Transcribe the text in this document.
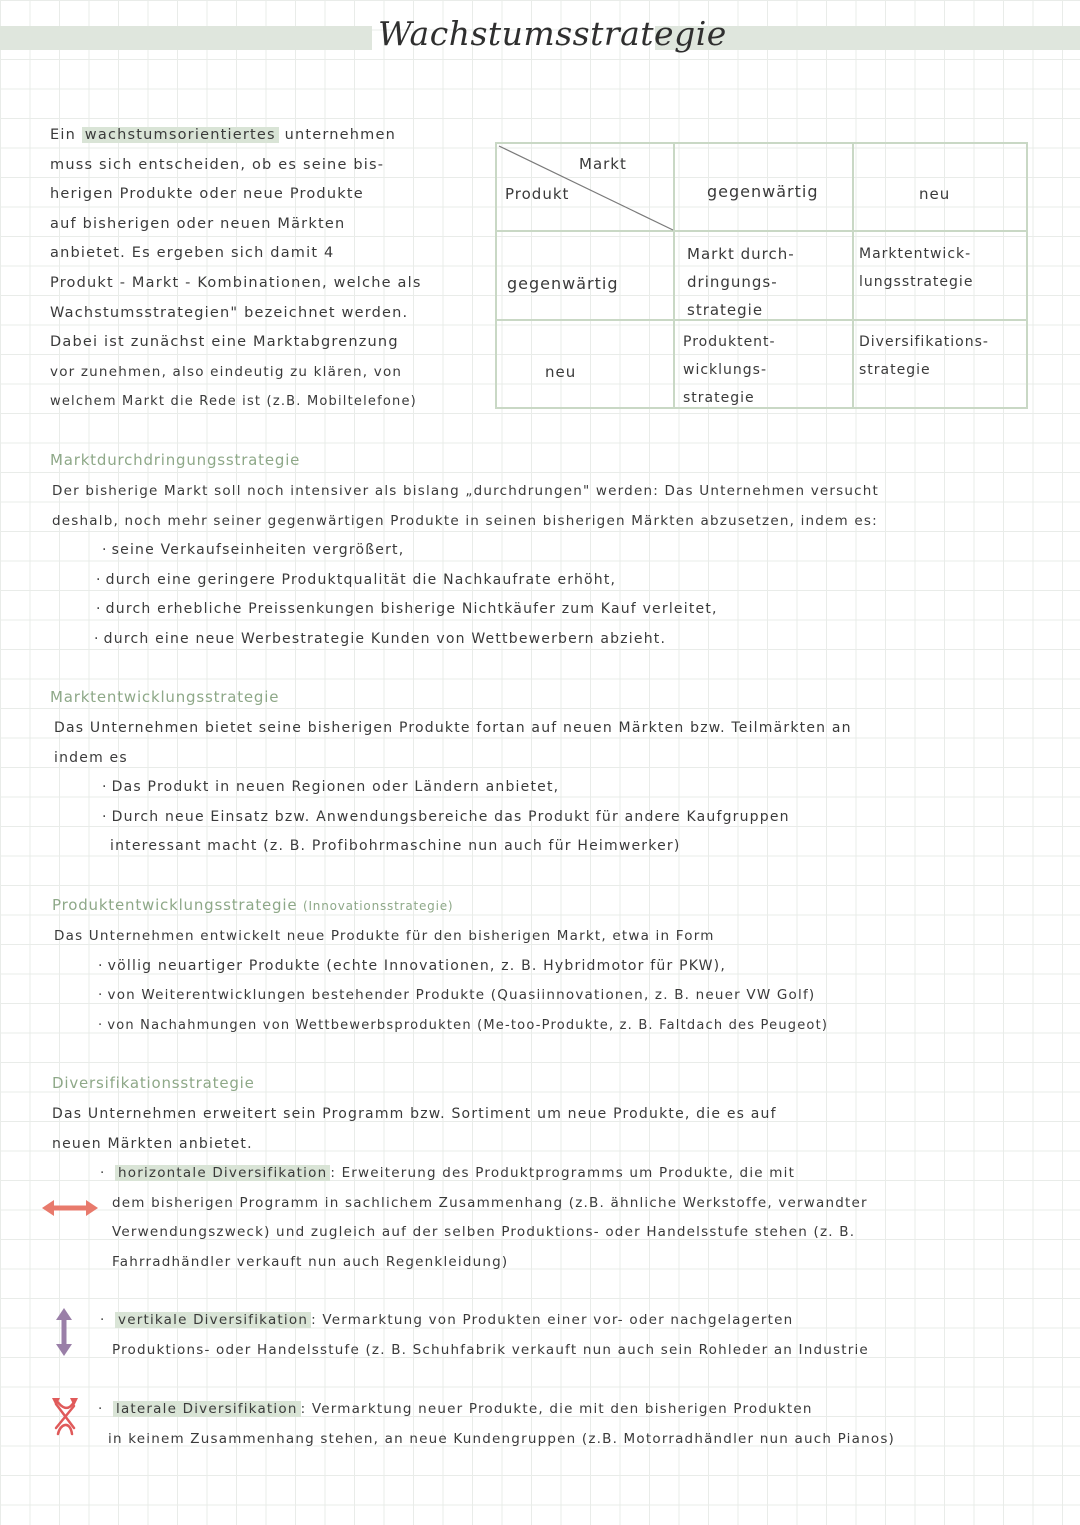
Wachstumsstrategie

Ein wachstumsorientiertes unternehmen

muss sich entscheiden, ob es seine bis-

herigen Produkte oder neue Produkte

auf bisherigen oder neuen Märkten

anbietet. Es ergeben sich damit 4

Produkt - Markt - Kombinationen, welche als

Wachstumsstrategien" bezeichnet werden.

Dabei ist zunächst eine Marktabgrenzung

vor zunehmen, also eindeutig zu klären, von

welchem Markt die Rede ist (z.B. Mobiltelefone)

Markt
Produkt	gegenwärtig	neu
gegenwärtig
neu
Markt durch-
dringungs-
strategie
Marktentwick-
lungsstrategie
Produktent-
wicklungs-
strategie
Diversifikations-
strategie
Marktdurchdringungsstrategie

Der bisherige Markt soll noch intensiver als bislang „durchdrungen" werden: Das Unternehmen versucht

deshalb, noch mehr seiner gegenwärtigen Produkte in seinen bisherigen Märkten abzusetzen, indem es:

· seine Verkaufseinheiten vergrößert,

· durch eine geringere Produktqualität die Nachkaufrate erhöht,

· durch erhebliche Preissenkungen bisherige Nichtkäufer zum Kauf verleitet,

· durch eine neue Werbestrategie Kunden von Wettbewerbern abzieht.

Marktentwicklungsstrategie

Das Unternehmen bietet seine bisherigen Produkte fortan auf neuen Märkten bzw. Teilmärkten an

indem es

· Das Produkt in neuen Regionen oder Ländern anbietet,

· Durch neue Einsatz bzw. Anwendungsbereiche das Produkt für andere Kaufgruppen

interessant macht (z. B. Profibohrmaschine nun auch für Heimwerker)

Produktentwicklungsstrategie (Innovationsstrategie)

Das Unternehmen entwickelt neue Produkte für den bisherigen Markt, etwa in Form

· völlig neuartiger Produkte (echte Innovationen, z. B. Hybridmotor für PKW),

· von Weiterentwicklungen bestehender Produkte (Quasiinnovationen, z. B. neuer VW Golf)

· von Nachahmungen von Wettbewerbsprodukten (Me-too-Produkte, z. B. Faltdach des Peugeot)

Diversifikationsstrategie

Das Unternehmen erweitert sein Programm bzw. Sortiment um neue Produkte, die es auf

neuen Märkten anbietet.

· horizontale Diversifikation : Erweiterung des Produktprogramms um Produkte, die mit

dem bisherigen Programm in sachlichem Zusammenhang (z.B. ähnliche Werkstoffe, verwandter

Verwendungszweck) und zugleich auf der selben Produktions- oder Handelsstufe stehen (z. B.

Fahrradhändler verkauft nun auch Regenkleidung)

· vertikale Diversifikation : Vermarktung von Produkten einer vor- oder nachgelagerten

Produktions- oder Handelsstufe (z. B. Schuhfabrik verkauft nun auch sein Rohleder an Industrie

· laterale Diversifikation : Vermarktung neuer Produkte, die mit den bisherigen Produkten

in keinem Zusammenhang stehen, an neue Kundengruppen (z.B. Motorradhändler nun auch Pianos)
